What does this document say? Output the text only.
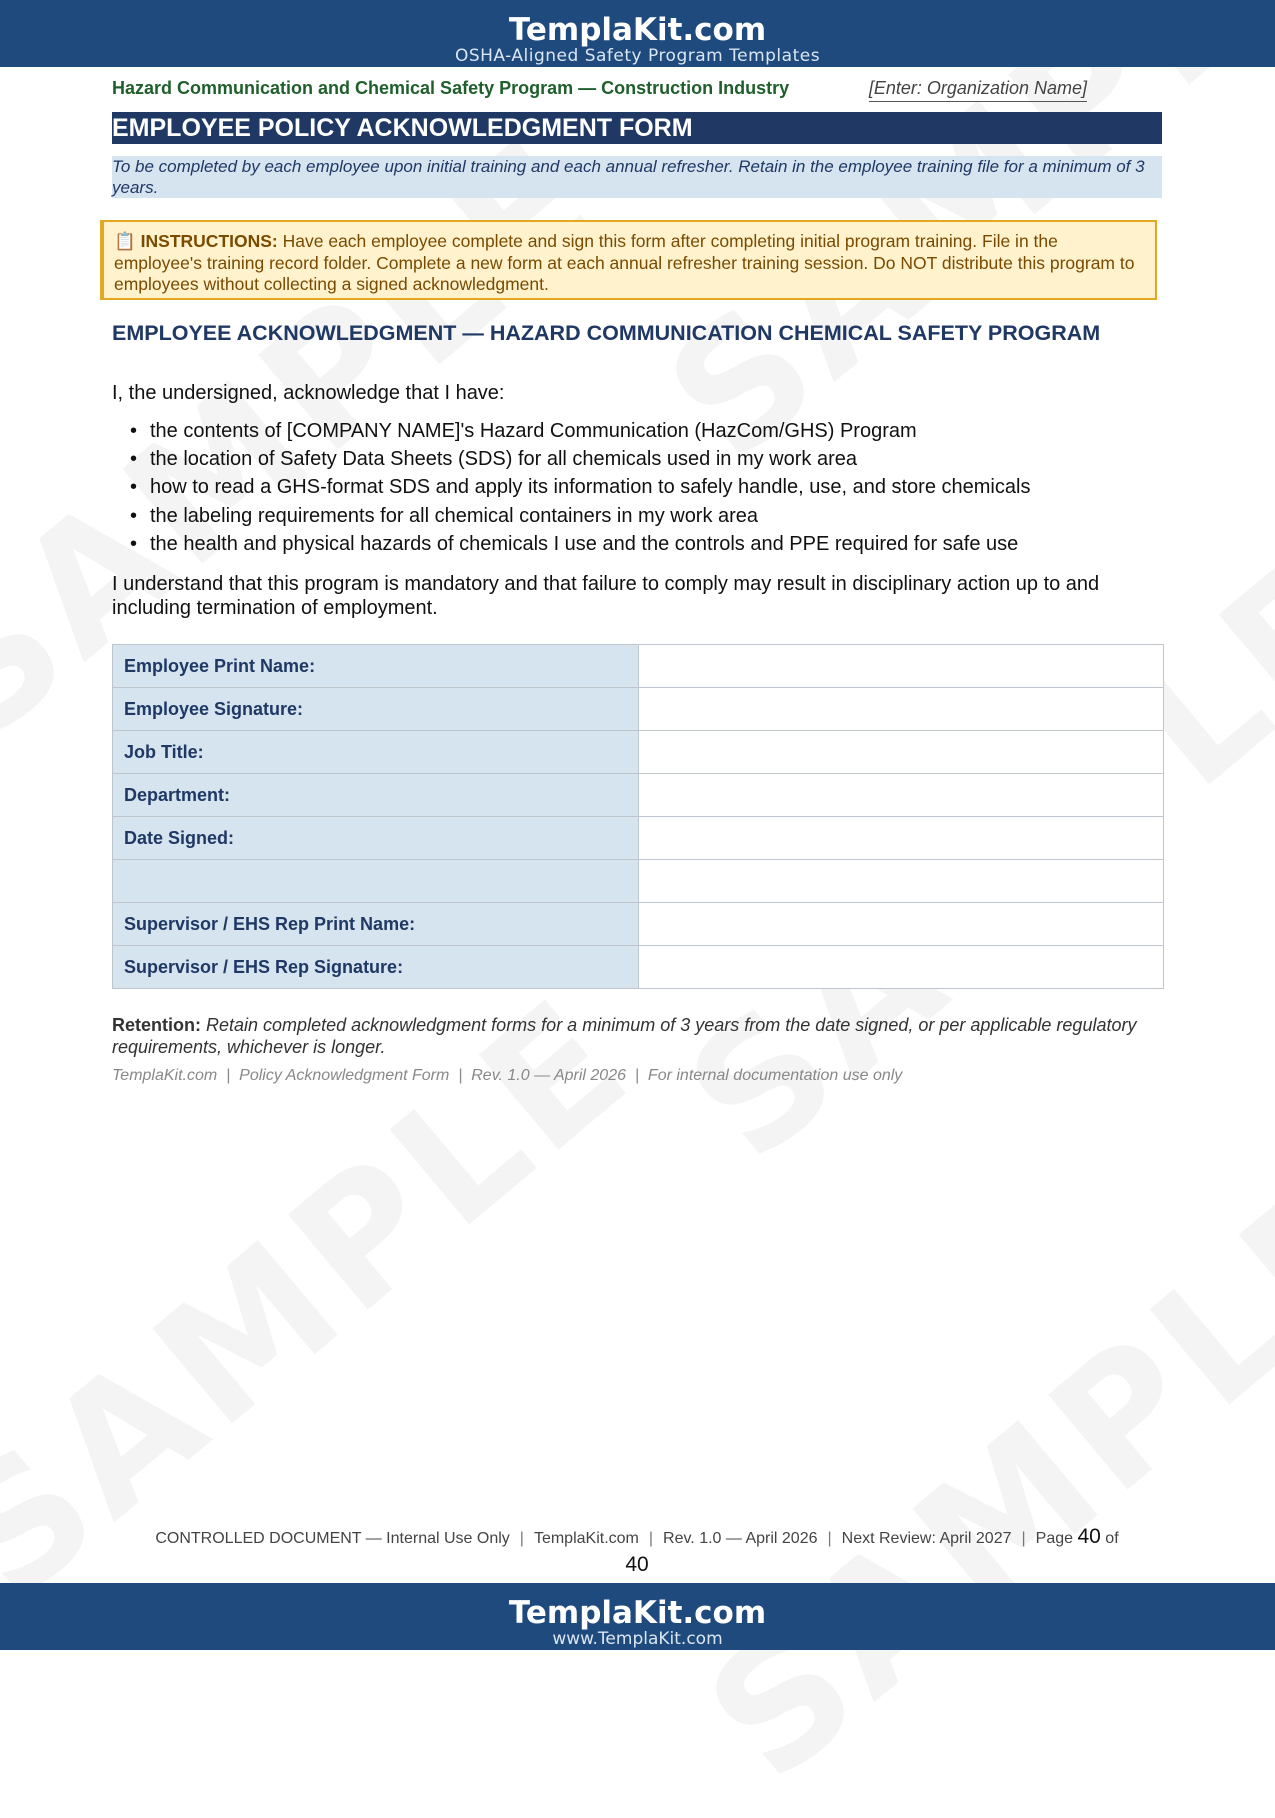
TemplaKit.com
OSHA-Aligned Safety Program Templates
Hazard Communication and Chemical Safety Program — Construction Industry	[Enter: Organization Name]
EMPLOYEE POLICY ACKNOWLEDGMENT FORM
To be completed by each employee upon initial training and each annual refresher. Retain in the employee training file for a minimum of 3 years.
📋 INSTRUCTIONS: Have each employee complete and sign this form after completing initial program training. File in the employee's training record folder. Complete a new form at each annual refresher training session. Do NOT distribute this program to employees without collecting a signed acknowledgment.
EMPLOYEE ACKNOWLEDGMENT — HAZARD COMMUNICATION CHEMICAL SAFETY PROGRAM
I, the undersigned, acknowledge that I have:
• the contents of [COMPANY NAME]'s Hazard Communication (HazCom/GHS) Program
• the location of Safety Data Sheets (SDS) for all chemicals used in my work area
• how to read a GHS-format SDS and apply its information to safely handle, use, and store chemicals
• the labeling requirements for all chemical containers in my work area
• the health and physical hazards of chemicals I use and the controls and PPE required for safe use
I understand that this program is mandatory and that failure to comply may result in disciplinary action up to and including termination of employment.
Employee Print Name:	
Employee Signature:	
Job Title:	
Department:	
Date Signed:	

Supervisor / EHS Rep Print Name:	
Supervisor / EHS Rep Signature:	
Retention: Retain completed acknowledgment forms for a minimum of 3 years from the date signed, or per applicable regulatory requirements, whichever is longer.
TemplaKit.com  |  Policy Acknowledgment Form  |  Rev. 1.0 — April 2026  |  For internal documentation use only
CONTROLLED DOCUMENT — Internal Use Only | TemplaKit.com | Rev. 1.0 — April 2026 | Next Review: April 2027 | Page 40 of
40
TemplaKit.com
www.TemplaKit.com
